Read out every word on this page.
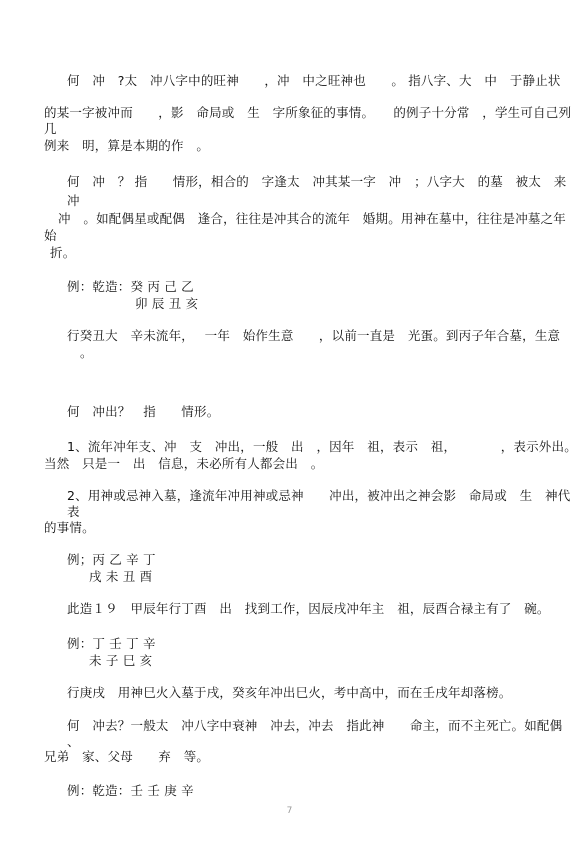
何　冲　?太　冲八字中的旺神　　，冲　中之旺神也　　。 指八字、大　中　于静止状
的某一字被冲而　　，影　命局或　生　字所象征的事情。　　的例子十分常　，学生可自己列
几
例来　明，算是本期的作　。
何　冲　？ 指　　情形，相合的　字逢太　冲其某一字　冲　；八字大　的墓　被太　来
冲
冲　。如配偶星或配偶　逢合，往往是冲其合的流年　婚期。用神在墓中，往往是冲墓之年
始
折。
例：乾造：癸 丙 己 乙
卯 辰 丑 亥
行癸丑大　辛未流年，　 一年　始作生意　　，以前一直是　光蛋。到丙子年合墓，生意
。
何　冲出？　指　　情形。
1、流年冲年支、冲　支　冲出，一般　出　，因年　祖，表示　祖，　　　　，表示外出。
当然　只是一　出　信息，未必所有人都会出　。
2、用神或忌神入墓，逢流年冲用神或忌神　　冲出，被冲出之神会影　命局或　生　神代
表
的事情。
例；丙 乙 辛 丁
戌 未 丑 酉
此造１９　甲辰年行丁酉　出　找到工作，因辰戌冲年主　祖，辰酉合禄主有了　碗。
例：丁 壬 丁 辛
未 子 巳 亥
行庚戌　用神巳火入墓于戌，癸亥年冲出巳火，考中高中，而在壬戌年却落榜。
何　冲去？一般太　冲八字中衰神　冲去，冲去　指此神　　命主，而不主死亡。如配偶
、
兄弟　家、父母　　弃　等。
例：乾造：壬 壬 庚 辛
7
